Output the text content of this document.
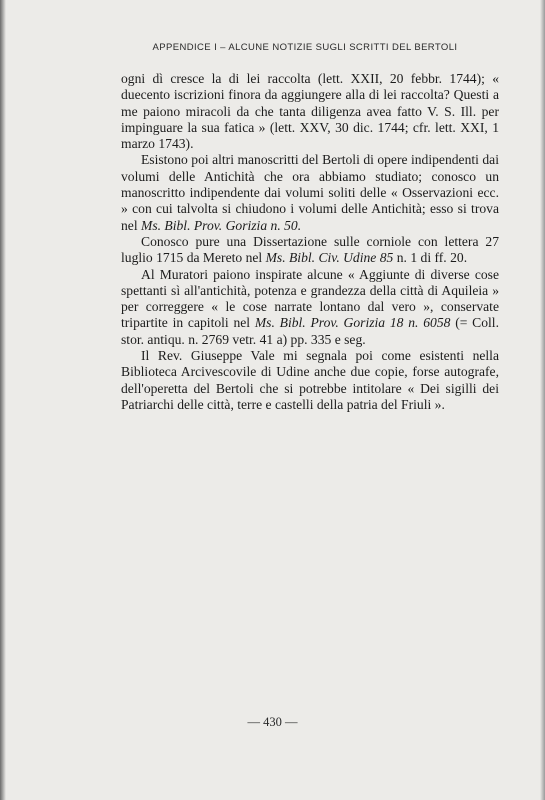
APPENDICE I – ALCUNE NOTIZIE SUGLI SCRITTI DEL BERTOLI

ogni dì cresce la di lei raccolta (lett. XXII, 20 febbr. 1744); « duecento iscrizioni finora da aggiungere alla di lei raccolta? Questi a me paiono miracoli da che tanta diligenza avea fatto V. S. Ill. per impinguare la sua fatica » (lett. XXV, 30 dic. 1744; cfr. lett. XXI, 1 marzo 1743).

Esistono poi altri manoscritti del Bertoli di opere indipendenti dai volumi delle Antichità che ora abbiamo studiato; conosco un manoscritto indipendente dai volumi soliti delle « Osservazioni ecc. » con cui talvolta si chiudono i volumi delle Antichità; esso si trova nel Ms. Bibl. Prov. Gorizia n. 50.

Conosco pure una Dissertazione sulle corniole con lettera 27 luglio 1715 da Mereto nel Ms. Bibl. Civ. Udine 85 n. 1 di ff. 20.

Al Muratori paiono inspirate alcune « Aggiunte di diverse cose spettanti sì all'antichità, potenza e grandezza della città di Aquileia » per correggere « le cose narrate lontano dal vero », conservate tripartite in capitoli nel Ms. Bibl. Prov. Gorizia 18 n. 6058 (= Coll. stor. antiqu. n. 2769 vetr. 41 a) pp. 335 e seg.

Il Rev. Giuseppe Vale mi segnala poi come esistenti nella Biblioteca Arcivescovile di Udine anche due copie, forse autografe, dell'operetta del Bertoli che si potrebbe intitolare « Dei sigilli dei Patriarchi delle città, terre e castelli della patria del Friuli ».

— 430 —
